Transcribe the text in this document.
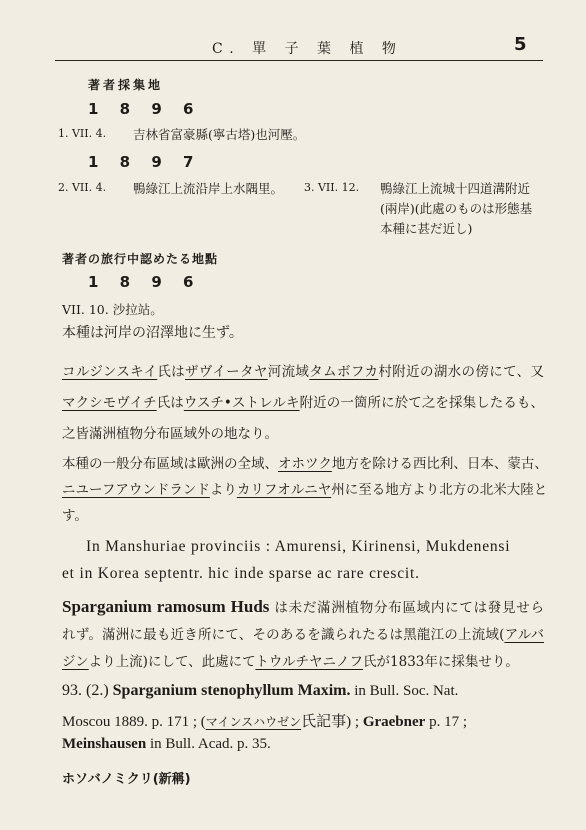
C. 單 子 葉 植 物	5
著者採集地
1 8 9 6
1. VII. 4. 吉林省富豪縣(寧古塔)也河壓。
1 8 9 7
2. VII. 4. 鴨綠江上流沿岸上水隅里。 3. VII. 12. 鴨綠江上流城十四道溝附近
(兩岸)(此處のものは形態基
本種に甚だ近し)
著者の旅行中認めたる地點
1 8 9 6
VII. 10. 沙拉站。
本種は河岸の沼澤地に生ず。
コルジンスキイ氏はザヴイータヤ河流域タムボフカ村附近の湖水の傍にて、又
マクシモヴイチ氏はウスチ•ストレルキ附近の一箇所に於て之を採集したるも、
之皆滿洲植物分布區域外の地なり。
本種の一般分布區域は歐洲の全域、オホツク地方を除ける西比利、日本、蒙古、
ニユーフアウンドランドよりカリフオルニヤ州に至る地方より北方の北米大陸と
す。
In Manshuriae provinciis : Amurensi, Kirinensi, Mukdenensi
et in Korea septentr. hic inde sparse ac rare crescit.
Sparganium ramosum Huds は未だ滿洲植物分布區域内にては發見せら
れず。滿洲に最も近き所にて、そのあるを識られたるは黑龍江の上流域(アルバ
ジンより上流)にして、此處にてトウルチヤニノフ氏が1833年に採集せり。
93. (2.) Sparganium stenophyllum Maxim. in Bull. Soc. Nat.
Moscou 1889. p. 171 ; (マインスハウゼン氏記事) ; Graebner p. 17 ;
Meinshausen in Bull. Acad. p. 35.
ホソバノミクリ(新稱)
